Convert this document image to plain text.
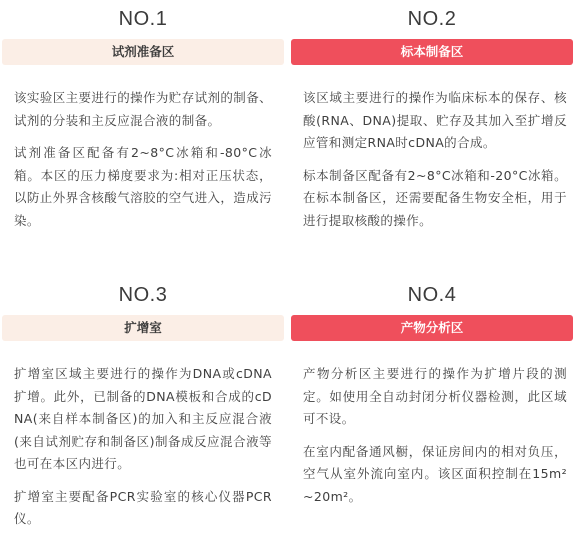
NO.1
试剂准备区

该实验区主要进行的操作为贮存试剂的制备、试剂的分装和主反应混合液的制备。

试剂准备区配备有2~8°C冰箱和-80°C冰箱。本区的压力梯度要求为:相对正压状态，以防止外界含核酸气溶胶的空气进入，造成污染。

NO.2
标本制备区

该区域主要进行的操作为临床标本的保存、核酸(RNA、DNA)提取、贮存及其加入至扩增反应管和测定RNA时cDNA的合成。

标本制备区配备有2~8°C冰箱和-20°C冰箱。在标本制备区，还需要配备生物安全柜，用于进行提取核酸的操作。

NO.3
扩增室

扩增室区域主要进行的操作为DNA或cDNA扩增。此外，已制备的DNA模板和合成的cDNA(来自样本制备区)的加入和主反应混合液(来自试剂贮存和制备区)制备成反应混合液等也可在本区内进行。

扩增室主要配备PCR实验室的核心仪器PCR仪。

NO.4
产物分析区

产物分析区主要进行的操作为扩增片段的测定。如使用全自动封闭分析仪器检测，此区域可不设。

在室内配备通风橱，保证房间内的相对负压，空气从室外流向室内。该区面积控制在15m²~20m²。
